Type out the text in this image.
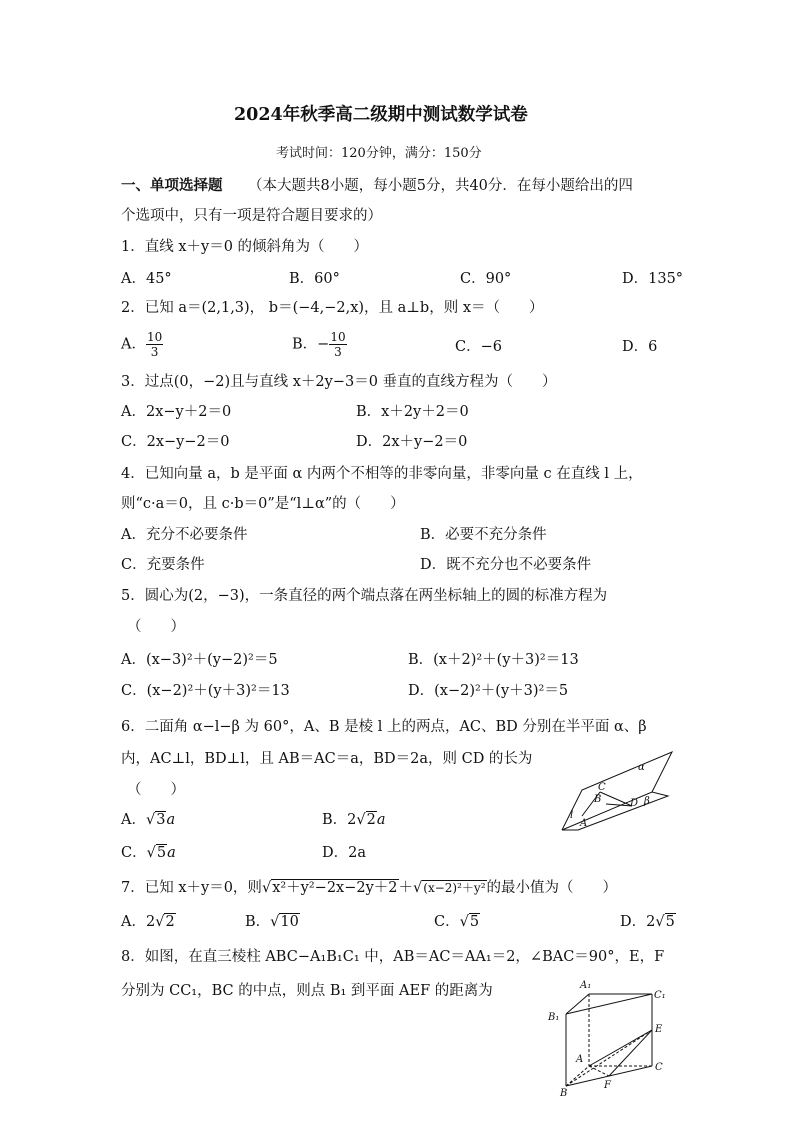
2024年秋季高二级期中测试数学试卷
考试时间：120分钟，满分：150分
一、单项选择题 （本大题共8小题，每小题5分，共40分．在每小题给出的四
个选项中，只有一项是符合题目要求的）
1．直线 x＋y＝0 的倾斜角为（　　）
A．45°	B．60°	C．90°	D．135°
2．已知 a＝(2,1,3)， b＝(−4,−2,x)，且 a⊥b，则 x＝（　　）
A． $\frac{10}{3}$	B．− $\frac{10}{3}$	C．−6	D．6
3．过点(0，−2)且与直线 x＋2y−3＝0 垂直的直线方程为（　　）
A．2x−y＋2＝0	B．x＋2y＋2＝0
C．2x−y−2＝0	D．2x＋y−2＝0
4．已知向量 a，b 是平面 α 内两个不相等的非零向量，非零向量 c 在直线 l 上，
则“c·a＝0，且 c·b＝0”是“l⊥α”的（　　）
A．充分不必要条件	B．必要不充分条件
C．充要条件	D．既不充分也不必要条件
5．圆心为(2，−3)，一条直径的两个端点落在两坐标轴上的圆的标准方程为
（　　）
A．(x−3)²＋(y−2)²＝5	B．(x＋2)²＋(y＋3)²＝13
C．(x−2)²＋(y＋3)²＝13	D．(x−2)²＋(y＋3)²＝5
6．二面角 α−l−β 为 60°，A、B 是棱 l 上的两点，AC、BD 分别在半平面 α、β
内，AC⊥l，BD⊥l，且 AB＝AC＝a，BD＝2a，则 CD 的长为
（　　）
A．√3a	B．2√2a
C．√5a	D．2a
α
C
B	D β
l
A
7．已知 x＋y＝0，则√x²＋y²−2x−2y＋2＋√(x−2)²＋y²的最小值为（　　）
A．2√2	B．√10	C．√5	D．2√5
8．如图，在直三棱柱 ABC−A₁B₁C₁ 中，AB＝AC＝AA₁＝2，∠BAC＝90°，E，F
分别为 CC₁，BC 的中点，则点 B₁ 到平面 AEF 的距离为	A₁
C₁
B₁
E
A
C
F
B
